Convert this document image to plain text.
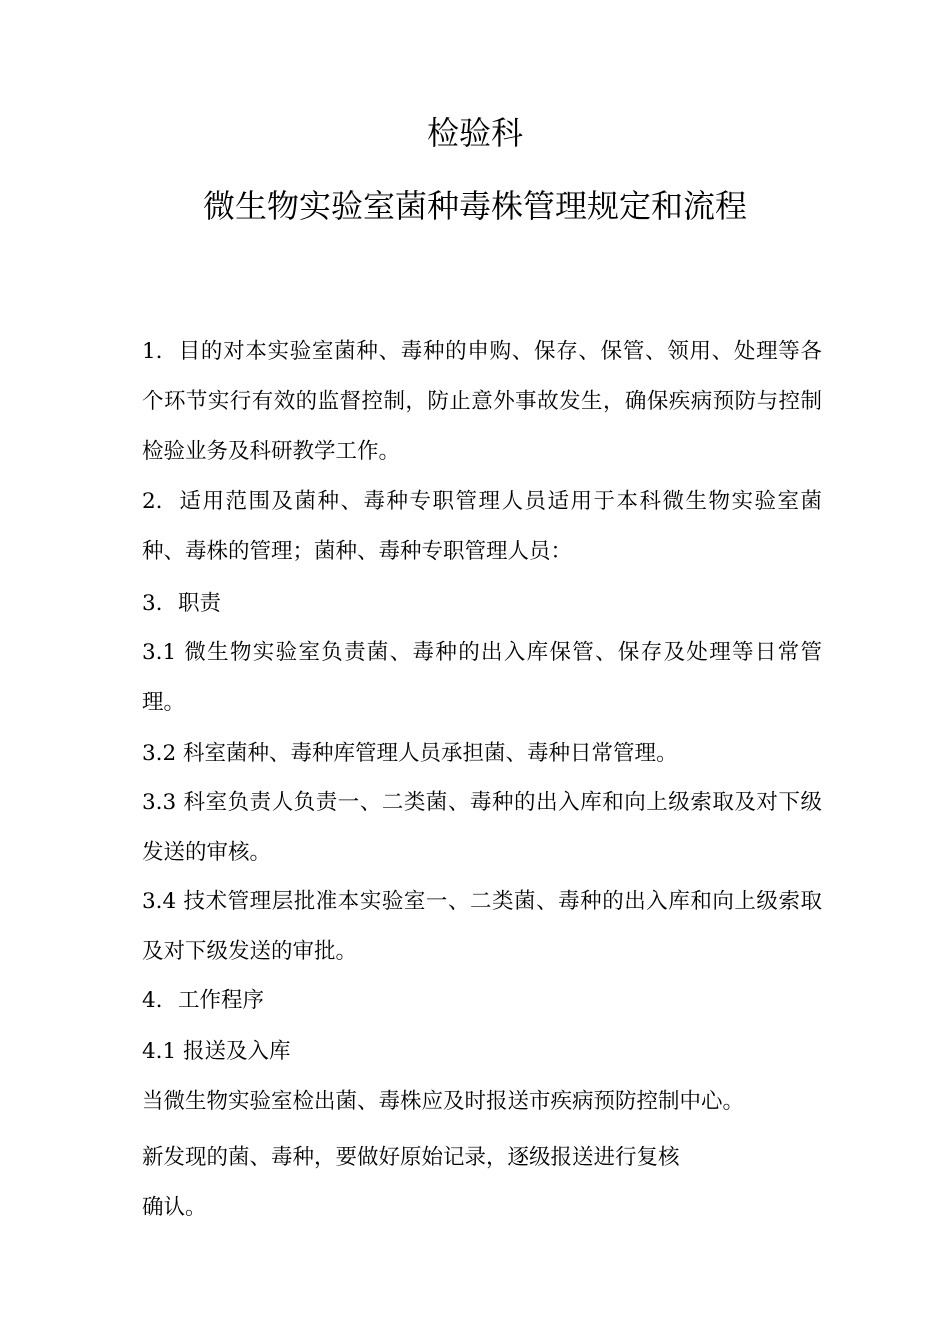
检验科
微生物实验室菌种毒株管理规定和流程
1. 目的对本实验室菌种、毒种的申购、保存、保管、领用、处理等各个环节实行有效的监督控制，防止意外事故发生，确保疾病预防与控制检验业务及科研教学工作。
2. 适用范围及菌种、毒种专职管理人员适用于本科微生物实验室菌种、毒株的管理；菌种、毒种专职管理人员：
3. 职责
3.1 微生物实验室负责菌、毒种的出入库保管、保存及处理等日常管理。
3.2 科室菌种、毒种库管理人员承担菌、毒种日常管理。
3.3 科室负责人负责一、二类菌、毒种的出入库和向上级索取及对下级发送的审核。
3.4 技术管理层批准本实验室一、二类菌、毒种的出入库和向上级索取及对下级发送的审批。
4. 工作程序
4.1 报送及入库
当微生物实验室检出菌、毒株应及时报送市疾病预防控制中心。
新发现的菌、毒种，要做好原始记录，逐级报送进行复核
确认。
